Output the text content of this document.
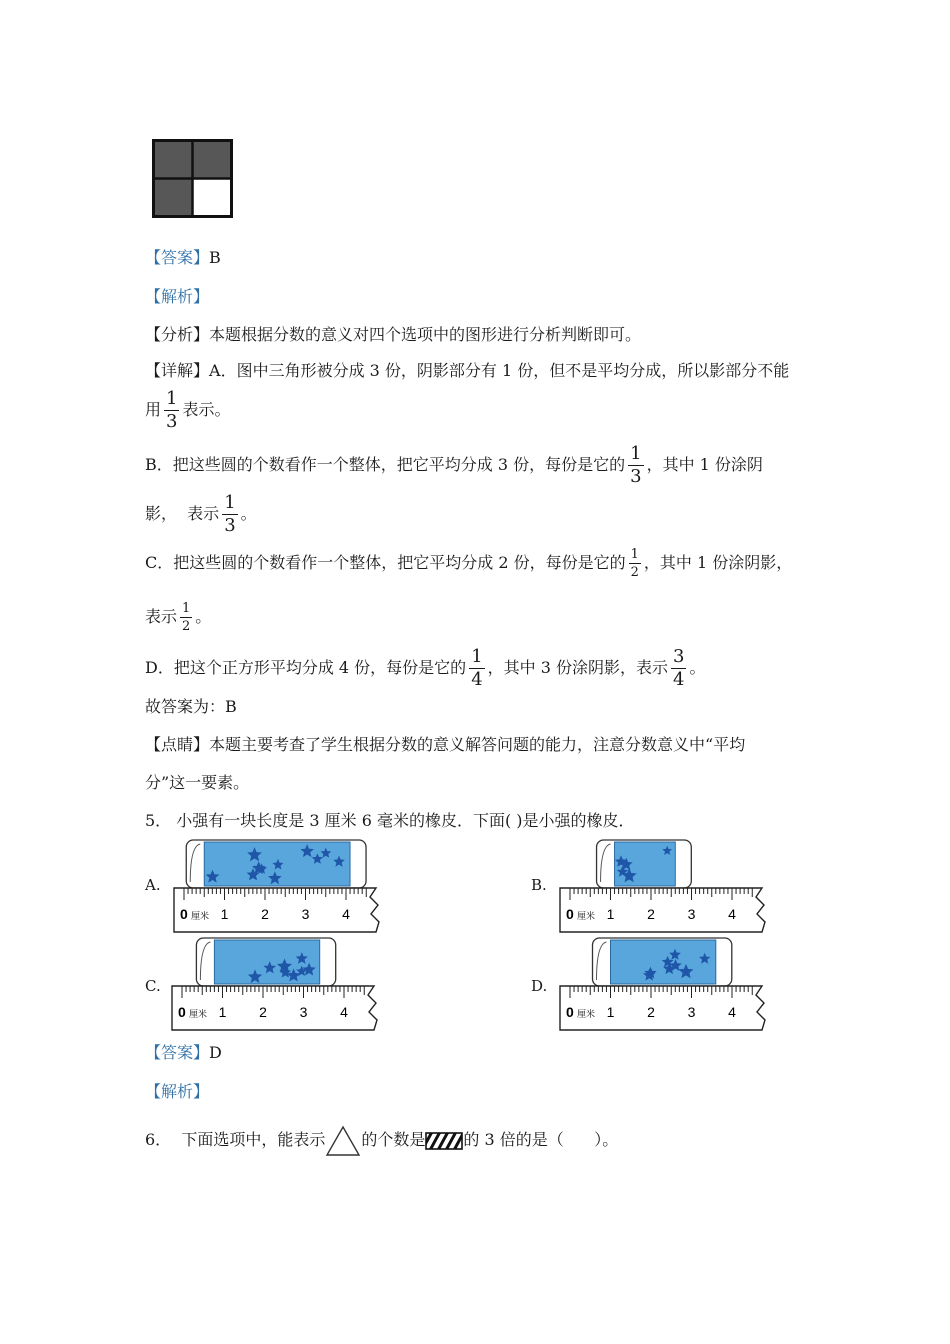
【答案】B
【解析】
【分析】本题根据分数的意义对四个选项中的图形进行分析判断即可。
【详解】A．图中三角形被分成 3 份，阴影部分有 1 份，但不是平均分成，所以影部分不能
用 $\frac{1}{3}$ 表示。
B．把这些圆的个数看作一个整体，把它平均分成 3 份，每份是它的 $\frac{1}{3}$ ，其中 1 份涂阴
影，  表示 $\frac{1}{3}$ 。
C．把这些圆的个数看作一个整体，把它平均分成 2 份，每份是它的 $\frac{1}{2}$ ，其中 1 份涂阴影，
表示 $\frac{1}{2}$ 。
D．把这个正方形平均分成 4 份，每份是它的 $\frac{1}{4}$ ，其中 3 份涂阴影，表示 $\frac{3}{4}$ 。
故答案为：B
【点睛】本题主要考查了学生根据分数的意义解答问题的能力，注意分数意义中“平均
分”这一要素。
5． 小强有一块长度是 3 厘米 6 毫米的橡皮．下面( )是小强的橡皮．
A.	B.
C.	D.
0 厘米 1 2 3 4	0 厘米 1 2 3 4
0 厘米 1 2 3 4	0 厘米 1 2 3 4
【答案】D
【解析】
6．  下面选项中，能表示 的个数是 的 3 倍的是（      ）。
